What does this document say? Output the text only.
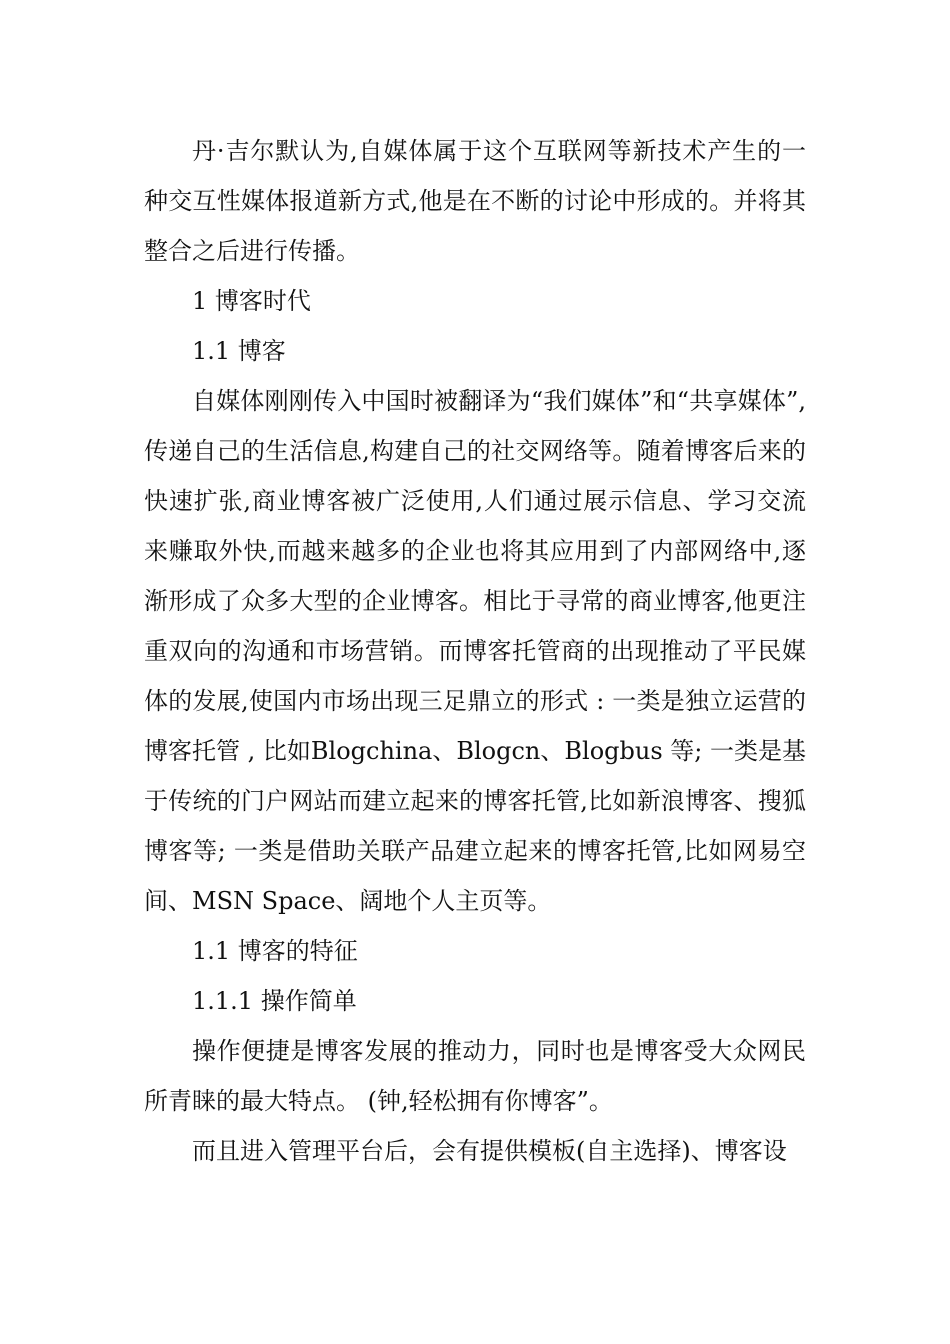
丹·吉尔默认为,自媒体属于这个互联网等新技术产生的一种交互性媒体报道新方式,他是在不断的讨论中形成的。并将其整合之后进行传播。

1 博客时代

1.1 博客

自媒体刚刚传入中国时被翻译为“我们媒体”和“共享媒体”, 传递自己的生活信息,构建自己的社交网络等。随着博客后来的快速扩张,商业博客被广泛使用,人们通过展示信息、学习交流来赚取外快,而越来越多的企业也将其应用到了内部网络中,逐渐形成了众多大型的企业博客。相比于寻常的商业博客,他更注重双向的沟通和市场营销。而博客托管商的出现推动了平民媒体的发展,使国内市场出现三足鼎立的形式 : 一类是独立运营的博客托管 , 比如Blogchina、Blogcn、Blogbus 等; 一类是基于传统的门户网站而建立起来的博客托管,比如新浪博客、搜狐博客等; 一类是借助关联产品建立起来的博客托管,比如网易空间、MSN Space、阔地个人主页等。

1.1 博客的特征

1.1.1 操作简单

操作便捷是博客发展的推动力，同时也是博客受大众网民所青睐的最大特点。 (钟,轻松拥有你博客”。

而且进入管理平台后，会有提供模板(自主选择)、博客设
